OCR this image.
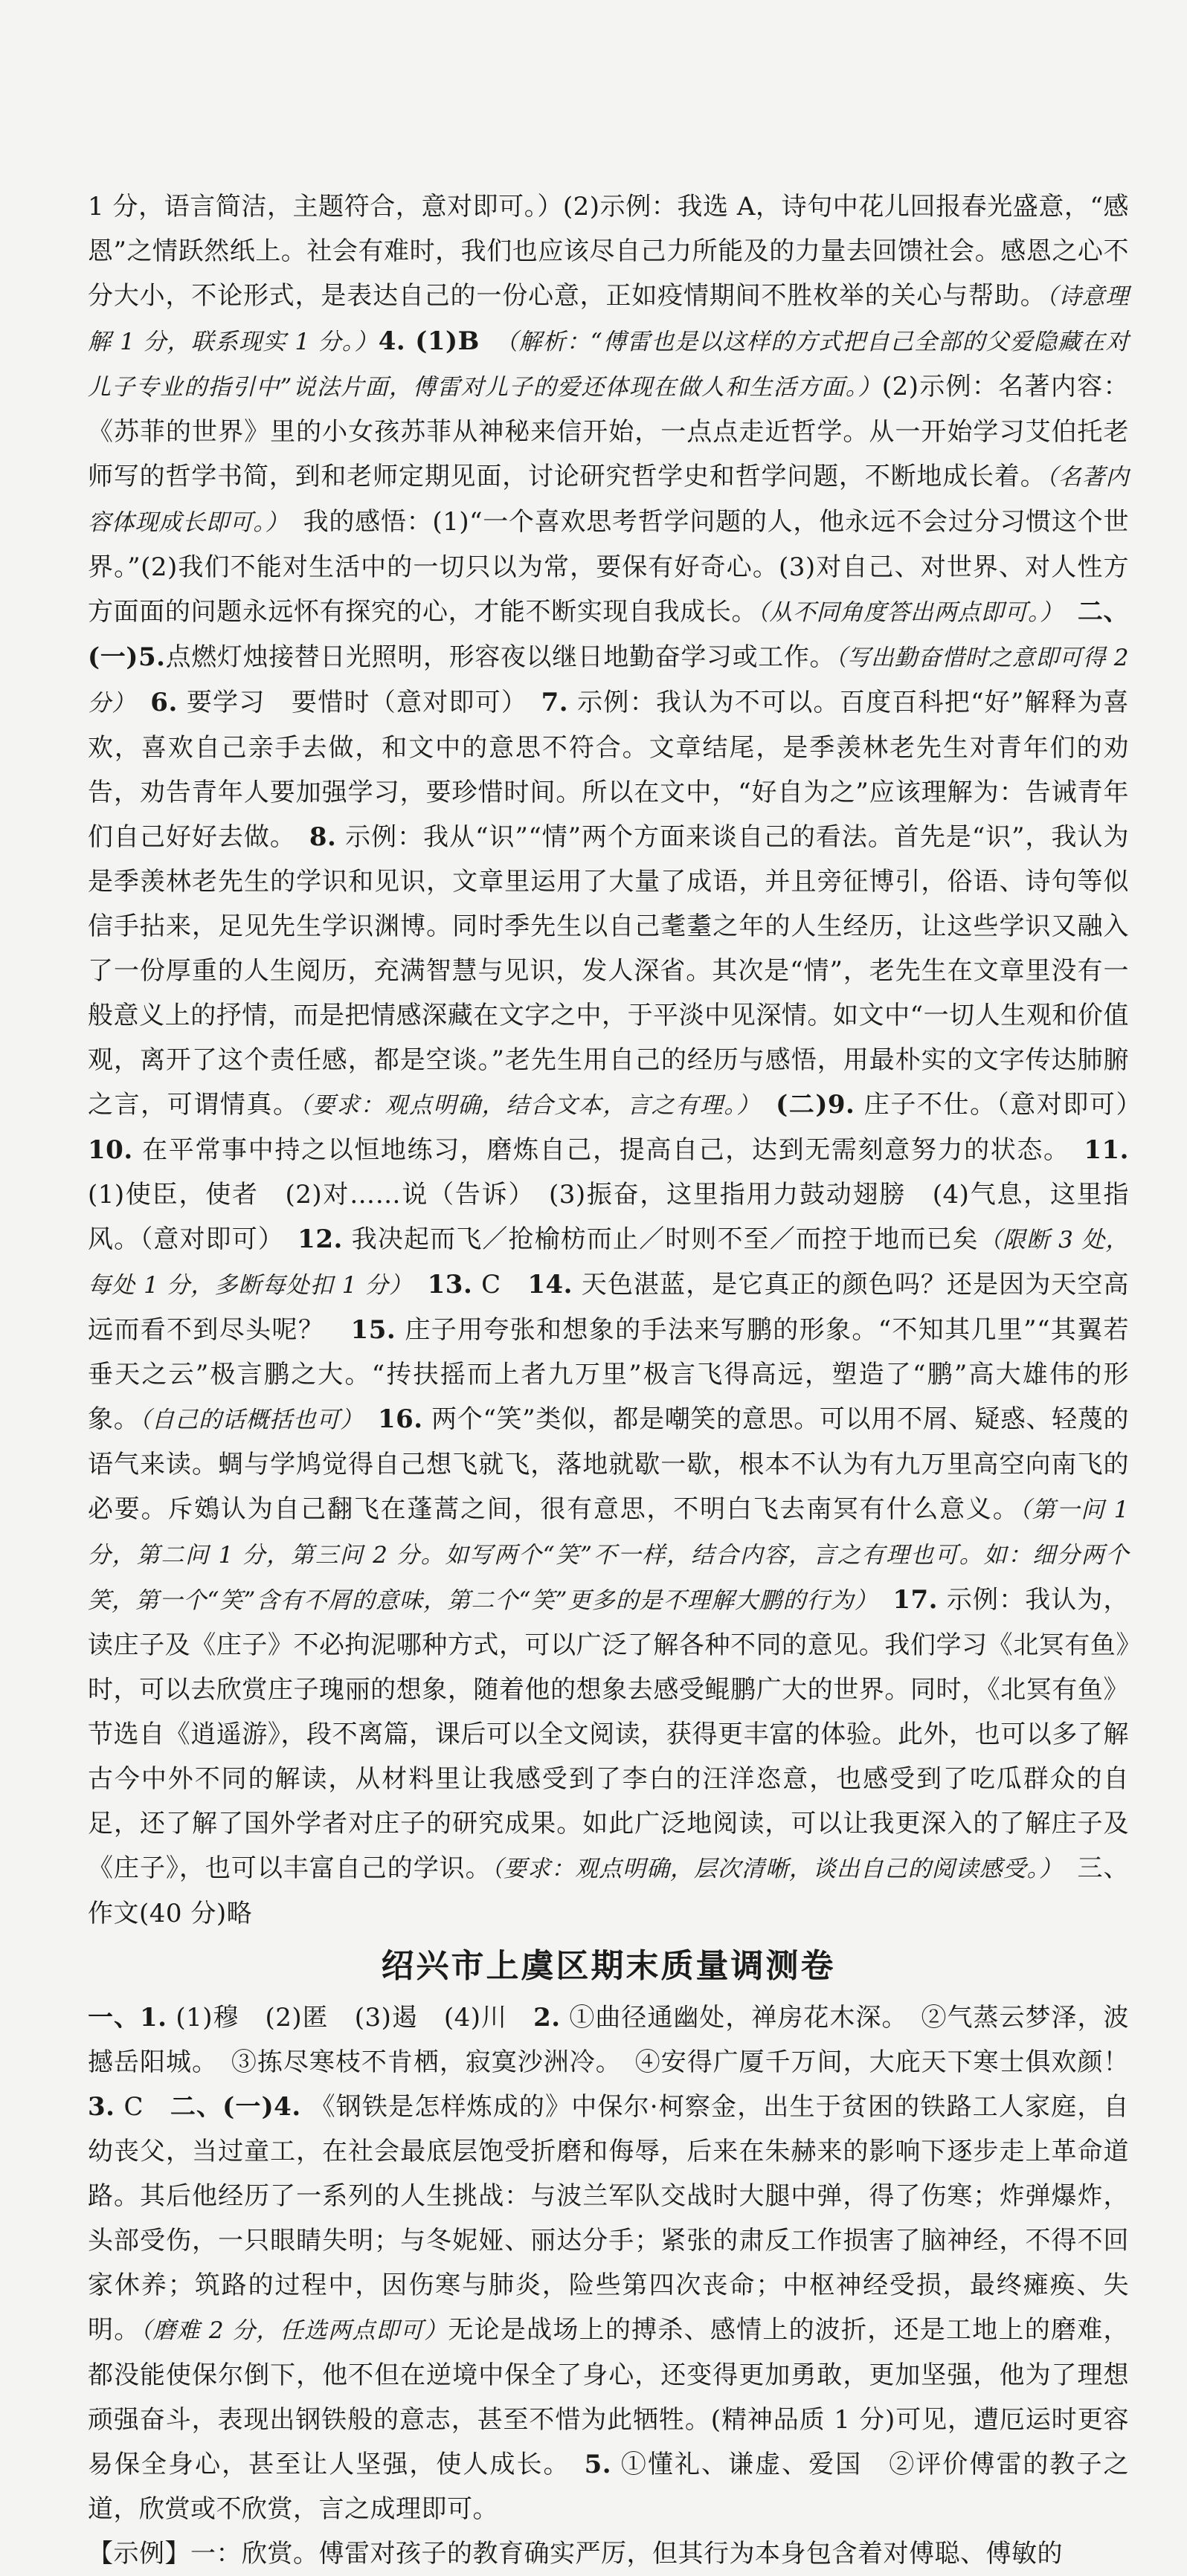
1 分，语言简洁，主题符合，意对即可。）(2)示例：我选 A，诗句中花儿回报春光盛意，“感恩”之情跃然纸上。社会有难时，我们也应该尽自己力所能及的力量去回馈社会。感恩之心不分大小，不论形式，是表达自己的一份心意，正如疫情期间不胜枚举的关心与帮助。（诗意理解 1 分，联系现实 1 分。）4. (1)B　（解析：“傅雷也是以这样的方式把自己全部的父爱隐藏在对儿子专业的指引中”说法片面，傅雷对儿子的爱还体现在做人和生活方面。）(2)示例：名著内容：《苏菲的世界》里的小女孩苏菲从神秘来信开始，一点点走近哲学。从一开始学习艾伯托老师写的哲学书简，到和老师定期见面，讨论研究哲学史和哲学问题，不断地成长着。（名著内容体现成长即可。）　我的感悟：(1)“一个喜欢思考哲学问题的人，他永远不会过分习惯这个世界。”(2)我们不能对生活中的一切只以为常，要保有好奇心。(3)对自己、对世界、对人性方方面面的问题永远怀有探究的心，才能不断实现自我成长。（从不同角度答出两点即可。）　二、(一)5.点燃灯烛接替日光照明，形容夜以继日地勤奋学习或工作。（写出勤奋惜时之意即可得 2 分）　6. 要学习　要惜时（意对即可）　7. 示例：我认为不可以。百度百科把“好”解释为喜欢，喜欢自己亲手去做，和文中的意思不符合。文章结尾，是季羡林老先生对青年们的劝告，劝告青年人要加强学习，要珍惜时间。所以在文中，“好自为之”应该理解为：告诫青年们自己好好去做。　8. 示例：我从“识”“情”两个方面来谈自己的看法。首先是“识”，我认为是季羡林老先生的学识和见识，文章里运用了大量了成语，并且旁征博引，俗语、诗句等似信手拈来，足见先生学识渊博。同时季先生以自己耄耋之年的人生经历，让这些学识又融入了一份厚重的人生阅历，充满智慧与见识，发人深省。其次是“情”，老先生在文章里没有一般意义上的抒情，而是把情感深藏在文字之中，于平淡中见深情。如文中“一切人生观和价值观，离开了这个责任感，都是空谈。”老先生用自己的经历与感悟，用最朴实的文字传达肺腑之言，可谓情真。（要求：观点明确，结合文本，言之有理。）　(二)9. 庄子不仕。（意对即可）　10. 在平常事中持之以恒地练习，磨炼自己，提高自己，达到无需刻意努力的状态。　11. (1)使臣，使者　(2)对……说（告诉）　(3)振奋，这里指用力鼓动翅膀　(4)气息，这里指风。（意对即可）　12. 我决起而飞／抢榆枋而止／时则不至／而控于地而已矣（限断 3 处，每处 1 分，多断每处扣 1 分）　13. C　14. 天色湛蓝，是它真正的颜色吗？还是因为天空高远而看不到尽头呢？　15. 庄子用夸张和想象的手法来写鹏的形象。“不知其几里”“其翼若垂天之云”极言鹏之大。“抟扶摇而上者九万里”极言飞得高远，塑造了“鹏”高大雄伟的形象。（自己的话概括也可）　16. 两个“笑”类似，都是嘲笑的意思。可以用不屑、疑惑、轻蔑的语气来读。蜩与学鸠觉得自己想飞就飞，落地就歇一歇，根本不认为有九万里高空向南飞的必要。斥鴳认为自己翻飞在蓬蒿之间，很有意思，不明白飞去南冥有什么意义。（第一问 1 分，第二问 1 分，第三问 2 分。如写两个“笑”不一样，结合内容，言之有理也可。如：细分两个笑，第一个“笑”含有不屑的意味，第二个“笑”更多的是不理解大鹏的行为）　17. 示例：我认为，读庄子及《庄子》不必拘泥哪种方式，可以广泛了解各种不同的意见。我们学习《北冥有鱼》时，可以去欣赏庄子瑰丽的想象，随着他的想象去感受鲲鹏广大的世界。同时，《北冥有鱼》节选自《逍遥游》，段不离篇，课后可以全文阅读，获得更丰富的体验。此外，也可以多了解古今中外不同的解读，从材料里让我感受到了李白的汪洋恣意，也感受到了吃瓜群众的自足，还了解了国外学者对庄子的研究成果。如此广泛地阅读，可以让我更深入的了解庄子及《庄子》，也可以丰富自己的学识。（要求：观点明确，层次清晰，谈出自己的阅读感受。）　三、作文(40 分)略

绍兴市上虞区期末质量调测卷

一、1. (1)穆　(2)匿　(3)遏　(4)川　2. ①曲径通幽处，禅房花木深。　②气蒸云梦泽，波撼岳阳城。　③拣尽寒枝不肯栖，寂寞沙洲冷。　④安得广厦千万间，大庇天下寒士俱欢颜！　3. C　二、(一)4. 《钢铁是怎样炼成的》中保尔·柯察金，出生于贫困的铁路工人家庭，自幼丧父，当过童工，在社会最底层饱受折磨和侮辱，后来在朱赫来的影响下逐步走上革命道路。其后他经历了一系列的人生挑战：与波兰军队交战时大腿中弹，得了伤寒；炸弹爆炸，头部受伤，一只眼睛失明；与冬妮娅、丽达分手；紧张的肃反工作损害了脑神经，不得不回家休养；筑路的过程中，因伤寒与肺炎，险些第四次丧命；中枢神经受损，最终瘫痪、失明。（磨难 2 分，任选两点即可）无论是战场上的搏杀、感情上的波折，还是工地上的磨难，都没能使保尔倒下，他不但在逆境中保全了身心，还变得更加勇敢，更加坚强，他为了理想顽强奋斗，表现出钢铁般的意志，甚至不惜为此牺牲。(精神品质 1 分)可见，遭厄运时更容易保全身心，甚至让人坚强，使人成长。　5. ①懂礼、谦虚、爱国　②评价傅雷的教子之道，欣赏或不欣赏，言之成理即可。

【示例】一：欣赏。傅雷对孩子的教育确实严厉，但其行为本身包含着对傅聪、傅敏的
